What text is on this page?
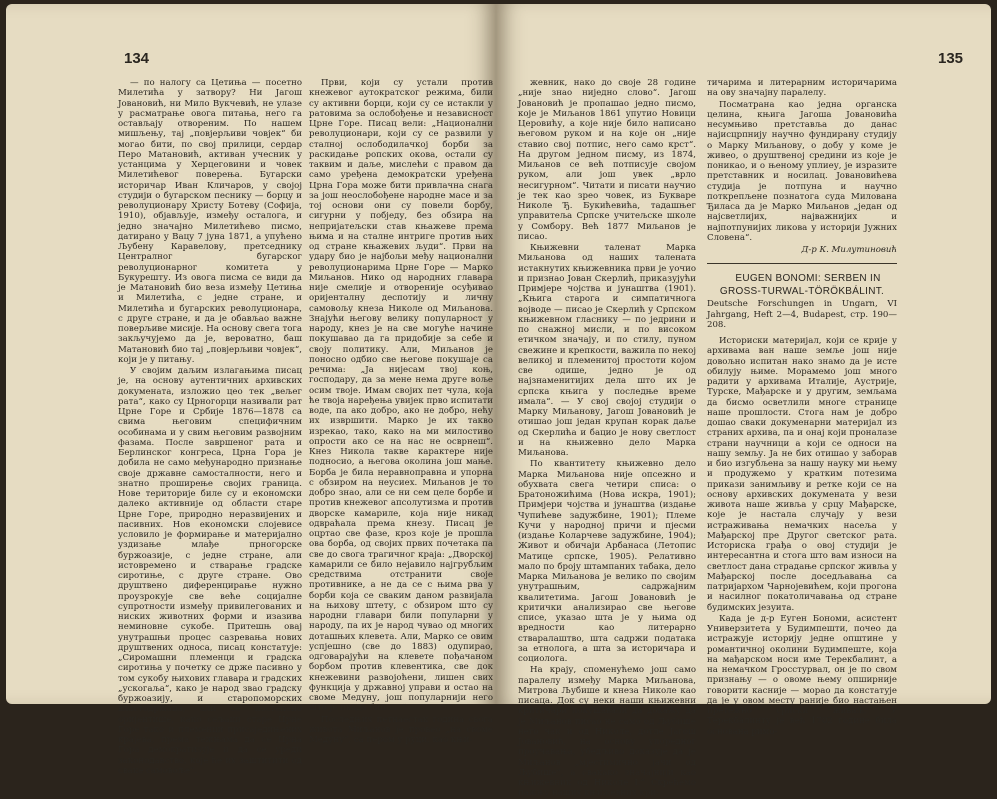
134

— по налогу са Цетиња — посетно Милетића у затвору? Ни Јагош Јовановић, ни Мило Вукчевић, не улазе у расматрање овога питања, него га остављају отвореним. По нашем мишљењу, тај „повјерљиви човјек“ би могао бити, по свој прилици, сердар Перо Матановић, активан учесник у устанцима у Херцеговини и човек Милетићевог поверења. Бугарски историчар Иван Кличаров, у својој студији о бугарском песнику — борцу и револуционару Христу Ботеву (Софија, 1910), објављује, између осталога, и једно значајно Милетићево писмо, датирано у Вацу 7 јуна 1871, а упућено Љубену Каравелову, претседнику Централног бугарског револуционарног комитета у Букурешту. Из овога писма се види да је Матановић био веза између Цетиња и Милетића, с једне стране, и Милетића и бугарских револуционара, с друге стране, и да је обављао важне поверљиве мисије. На основу свега тога закључујемо да је, вероватно, баш Матановић био тај „повјерљиви човјек“, који је у питању.

У својим даљим излагањима писац је, на основу аутентичних архивских докумената, изложио цео тек „вељег рата“, како су Црногорци називали рат Црне Горе и Србије 1876—1878 са свима његовим специфичним особинама и у свим његовим развојним фазама. После завршеног рата и Берлинског конгреса, Црна Гора је добила не само међународно признање своје државне самосталности, него и знатно проширење својих граница. Нове територије биле су и економски далеко активније од области старе Црне Горе, природно неразвијених и пасивних. Нов економски слојевиcе условило је формирање и материјално уздизање млађе прногорске буржоазије, с једне стране, али истовремено и стварање градске сиротиње, с друге стране. Ово друштвено диференцирање нужно проузрокује све веће социјалне супротности између привилегованих и ниских животних форми и изазива неминовне сукобе. Притешњ овај унутрашњи процес сазревања нових друштвених односа, писац констатује: „Сиромашни племенци и градска сиротиња у почетку се држе пасивно у том сукобу њихових главара и градских „ускогаља“, како је народ звао градску буржоазију, и старопоморских властодржаца, али се постепено оријентише, како сељаци старе Црне Горе тако и племенци приcаједињених крајева, према тежњама да се Црна Гора демократизује и да се уреди законодавство, које ће их заштитити од сваке самовоље“.

Први, који су устали против кнежевог аутократског режима, били су активни борци, који су се истакли у ратовима за ослобођење и независност Црне Горе. Писац вели: „Национални револуционари, који су се развили у сталној ослободилачкој борби за раскидање ропских окова, остали су таквим и даље, мислећи с правом да само уређена демократски уређена Црна Гора може бити привлачна снага за још неослобођене народне масе и за тој основи они су повели борбу, сигурни у побједу, без обзира на непријатељски став књажеве према њима и на сталне интриге против њих од стране књажевих људи“. Први на удару био је најбољи међу национални револуционарима Црне Горе — Марко Миљанов. Нико од народних главара није смелије и отвореније осуђивао оријенталну деспотију и личну самовољу кнеза Николе од Миљанова. Знајући његову велику популарност у народу, кнез је на све могуће начине покушавао да га придобије за себе и своју политику. Али, Миљанов је поносно одбио све његове покушаје са речима: „Ја нијесам твој коњ, господару, да за мене нема друге воље осим твоје. Имам својих пет чула, која ће твоја наређења увијек прво испитати воде, па ако добро, ако не добро, нећу их извршити. Марко је их такво изрекао, тако, како на ми милостиво опрости ако се на нас не осврнеш“. Кнез Никола такве карактере није подносио, а његова околина још мање. Борба је била неравноправна и упорна с обзиром на неусиех. Миљанов је то добро знао, али се ни сем целе борбе и против кнежевог апсолутизма и против дворске камариле, која није никад одвраћала према кнезу. Писац је оцртао све фазе, кроз које је прошла ова борба, од својих првих почетака па све до свога трагичног краја: „Дворској камарили се било нејавило најгрубљим средствима отстранити своје противнике, а не да се с њима рва у борби која се сваким даном развијала на њихову штету, с обзиром што су народни главари били популарни у народу, па их је народ чувао од многих доташњих клевета. Али, Марко се овим успјешно (све до 1883) одупирао, одговарајући на клевете пођачаном борбом против клевентика, све док кнежевини развојоћени, лишен свих функција у државној управи и остао на своме Медуну, још популарнији него што је икада био . . .“

Последњих петнаестак година свога живота Миљанов је провео „на своме Медуну“, са пером у руци, као књи-

135

жевник, нако до своје 28 године „није знао ниједно слово“. Јагош Јовановић је пропашао једно писмо, које је Миљанов 1861 упутио Новици Церовићу, а које није било написано његовом руком и на које он „није ставио свој потпис, него само крст“. На другом једном писму, из 1874, Миљанов се већ потписује својом руком, али још увек „врло несигурном“. Читати и писати научио је тек као зрео човек, из Букваре Николе Ђ. Букићевића, тадашњег управитеља Српске учитељске школе у Сомбору. Већ 1877 Миљанов је писао.

Књижевни таленат Марка Миљанова од наших талената истакнутих књижевника први је уочио и признао Јован Скерлић, приказујући Примјере чојства и јунаштва (1901). „Књига старога и симпатичнога војводе — писао је Скерлић у Српском књижевном гласнику — по једрини и по снажној мисли, и по високом етичком значају, и по стилу, пуном свежине и крепкости, важила по некој великој и племенитој простоти којом све одише, једно је од најзнаменитијих дела што их је српска књига у последње време имала“. — У свој својој студији о Марку Миљанову, Јагош Јовановић је отишао још један крупан корак даље од Скерлића и бацио је нову светлост и на књижевно дело Марка Миљанова.

По квантитету књижевно дело Марка Миљанова није опсежно и обухвата свега четири списа: о Братоножићима (Нова искра, 1901); Примјери чојства и јунаштва (издање Чупићеве задужбине, 1901); Племе Кучи у народној причи и пјесми (издање Коларчеве задужбине, 1904); Живот и обичаји Арбанаса (Летопис Матице српске, 1905). Релативно мало по броју штампаних табака, дело Марка Миљанова је велико по својим унутрашњим, садржајним квалитетима. Јагош Јовановић је критички анализирао све његове списе, указао шта је у њима од вредности као литерарно стваралаштво, шта садржи података за етнолога, а шта за историчара и социолога.

На крају, споменућемо још само паралелу између Марка Миљанова, Митрова Љубише и кнеза Николе као писаца. Док су неки наши књижевни критичари покушавали да докажу да је Миљанов писао не само од Љубише него чак и од Николе, дотле Јагош Јовановић, на основу упоредног проучавања, убедљиво доказује да је Миљанов „мјестимично јачи од Љубише“, а свакако значајнији као књижевник од Николе I.“ Скрећемо пажњу наших књижевних кри-

тичарима и литерарним историчарима на ову значајну паралелу.

Посматрана као једна органска целина, књига Јагоша Јовановића несумњиво претставља до данас најисцрпнију научно фундирану студију о Марку Миљанову, о добу у коме је живео, о друштвеној средини из које је поникао, и о њеному уплиеу, је изразите претставник и носилац. Јовановићева студија је потпуна и научно поткрепљене познатога суда Милована Ђиласа да је Марко Миљанов „један од најсветлијих, најважнијих и најпотпунијих ликова у историји Јужних Словена“.

Д-р К. Милутиновић

EUGEN BONOMI: SERBEN IN GROSS-TURWAL-TÖRÖKBÁLINT.

Deutsche Forschungen in Ungarn, VI Jahrgang, Heft 2—4, Budapest, стр. 190—208.

Историски материјал, који се крије у архивама ван наше земље још није довољно испитан нако знамо да је исте обилују њиме. Морамемо још много радити у архивама Италије, Аустрије, Турске, Мађарске и у другим, земљама да бисмо осветлили многе странице наше прошлости. Стога нам је добро дошао сваки докуменарни материјал из страних архива, па и онај који проналазе страни научници а који се односи на нашу земљу. Ја не бих отишао у заборав и био изгубљена за нашу науку ми њему и продужемо у кратким потезима прикази занимљиву и ретке који се на основу архивских докумената у вези живота наше живља у срцу Мађарске, које је настала случају у вези истраживања немачких насеља у Мађарској пре Другог светског рата. Историска грађа о овој студији је интересантна и стога што вам износи на светлост дана страдање српског живља у Мађарској после доседљавања са патријархом Чарнојевићем, који прогона и насилног покатоличавања од стране будимских језуита.

Када је д-р Еуген Бономи, асистент Универзитета у Будимпешти, почео да истражује историју једне општине у романтичној околини Будимпеште, која на мађарском носи име Терекбалинт, а на немачком Гросстурвал, он је по свом признању — о овоме њему опширније говорити касније — морао да констатује да је у овом месту раније био настањен претежно српски живаљ. У Терекбалинту је већ 1702 године била основана римо-
